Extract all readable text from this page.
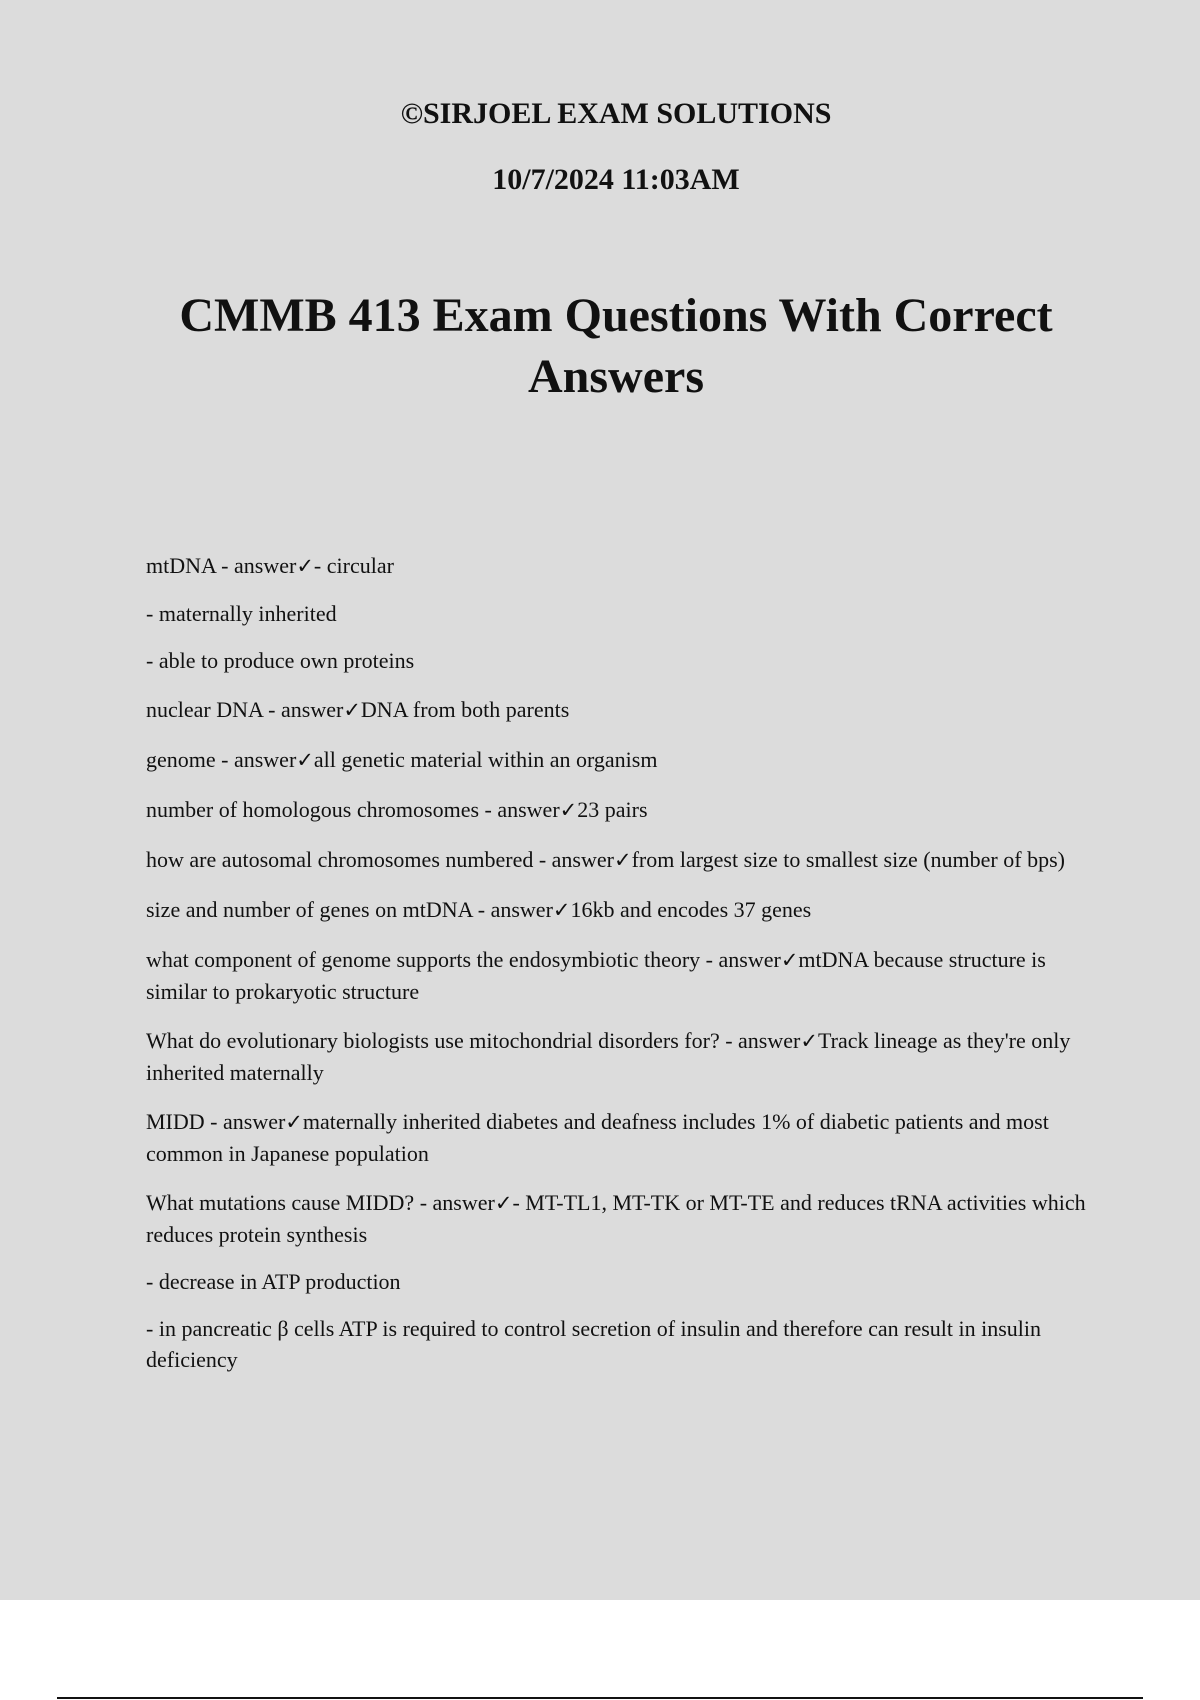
©SIRJOEL EXAM SOLUTIONS
10/7/2024 11:03AM
CMMB 413 Exam Questions With Correct Answers

mtDNA - answer✓- circular

- maternally inherited

- able to produce own proteins

nuclear DNA - answer✓DNA from both parents

genome - answer✓all genetic material within an organism

number of homologous chromosomes - answer✓23 pairs

how are autosomal chromosomes numbered - answer✓from largest size to smallest size (number of bps)

size and number of genes on mtDNA - answer✓16kb and encodes 37 genes

what component of genome supports the endosymbiotic theory - answer✓mtDNA because structure is similar to prokaryotic structure

What do evolutionary biologists use mitochondrial disorders for? - answer✓Track lineage as they're only inherited maternally

MIDD - answer✓maternally inherited diabetes and deafness includes 1% of diabetic patients and most common in Japanese population

What mutations cause MIDD? - answer✓- MT-TL1, MT-TK or MT-TE and reduces tRNA activities which reduces protein synthesis

- decrease in ATP production

- in pancreatic β cells ATP is required to control secretion of insulin and therefore can result in insulin deficiency
